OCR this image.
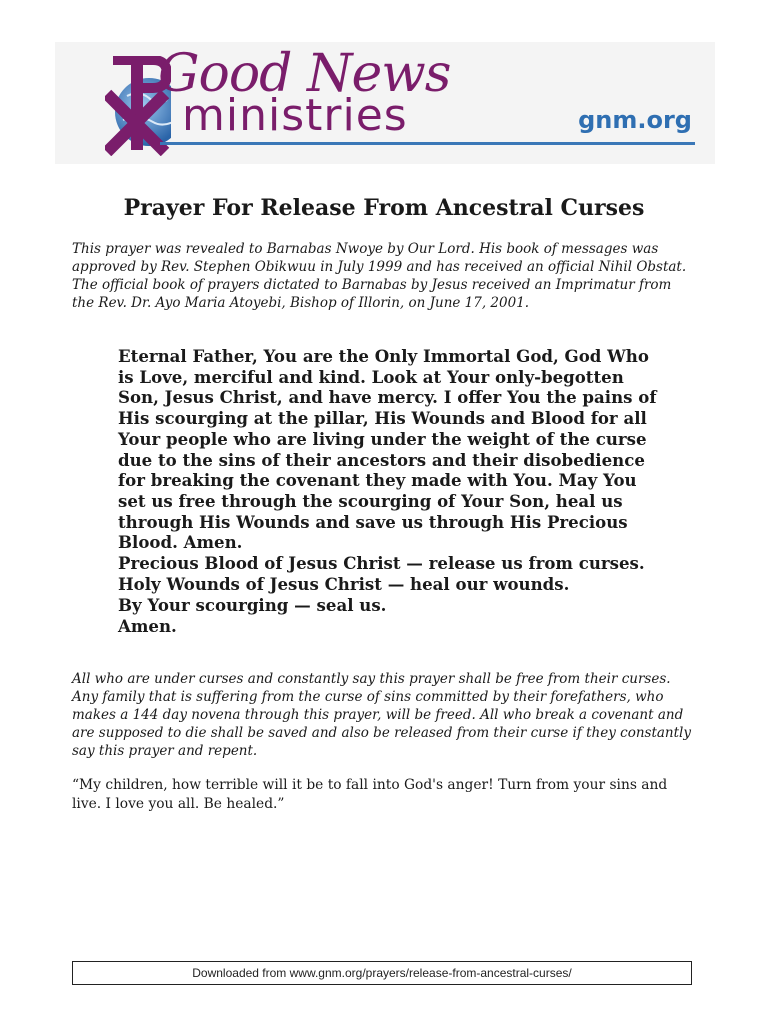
Good News
ministries	gnm.org
Prayer For Release From Ancestral Curses
This prayer was revealed to Barnabas Nwoye by Our Lord. His book of messages was approved by Rev. Stephen Obikwuu in July 1999 and has received an official Nihil Obstat. The official book of prayers dictated to Barnabas by Jesus received an Imprimatur from the Rev. Dr. Ayo Maria Atoyebi, Bishop of Illorin, on June 17, 2001.
Eternal Father, You are the Only Immortal God, God Who is Love, merciful and kind. Look at Your only-begotten Son, Jesus Christ, and have mercy. I offer You the pains of His scourging at the pillar, His Wounds and Blood for all Your people who are living under the weight of the curse due to the sins of their ancestors and their disobedience for breaking the covenant they made with You. May You set us free through the scourging of Your Son, heal us through His Wounds and save us through His Precious Blood. Amen.
Precious Blood of Jesus Christ — release us from curses.
Holy Wounds of Jesus Christ — heal our wounds.
By Your scourging — seal us.
Amen.
All who are under curses and constantly say this prayer shall be free from their curses. Any family that is suffering from the curse of sins committed by their forefathers, who makes a 144 day novena through this prayer, will be freed. All who break a covenant and are supposed to die shall be saved and also be released from their curse if they constantly say this prayer and repent.
“My children, how terrible will it be to fall into God's anger! Turn from your sins and live. I love you all. Be healed.”
Downloaded from www.gnm.org/prayers/release-from-ancestral-curses/
